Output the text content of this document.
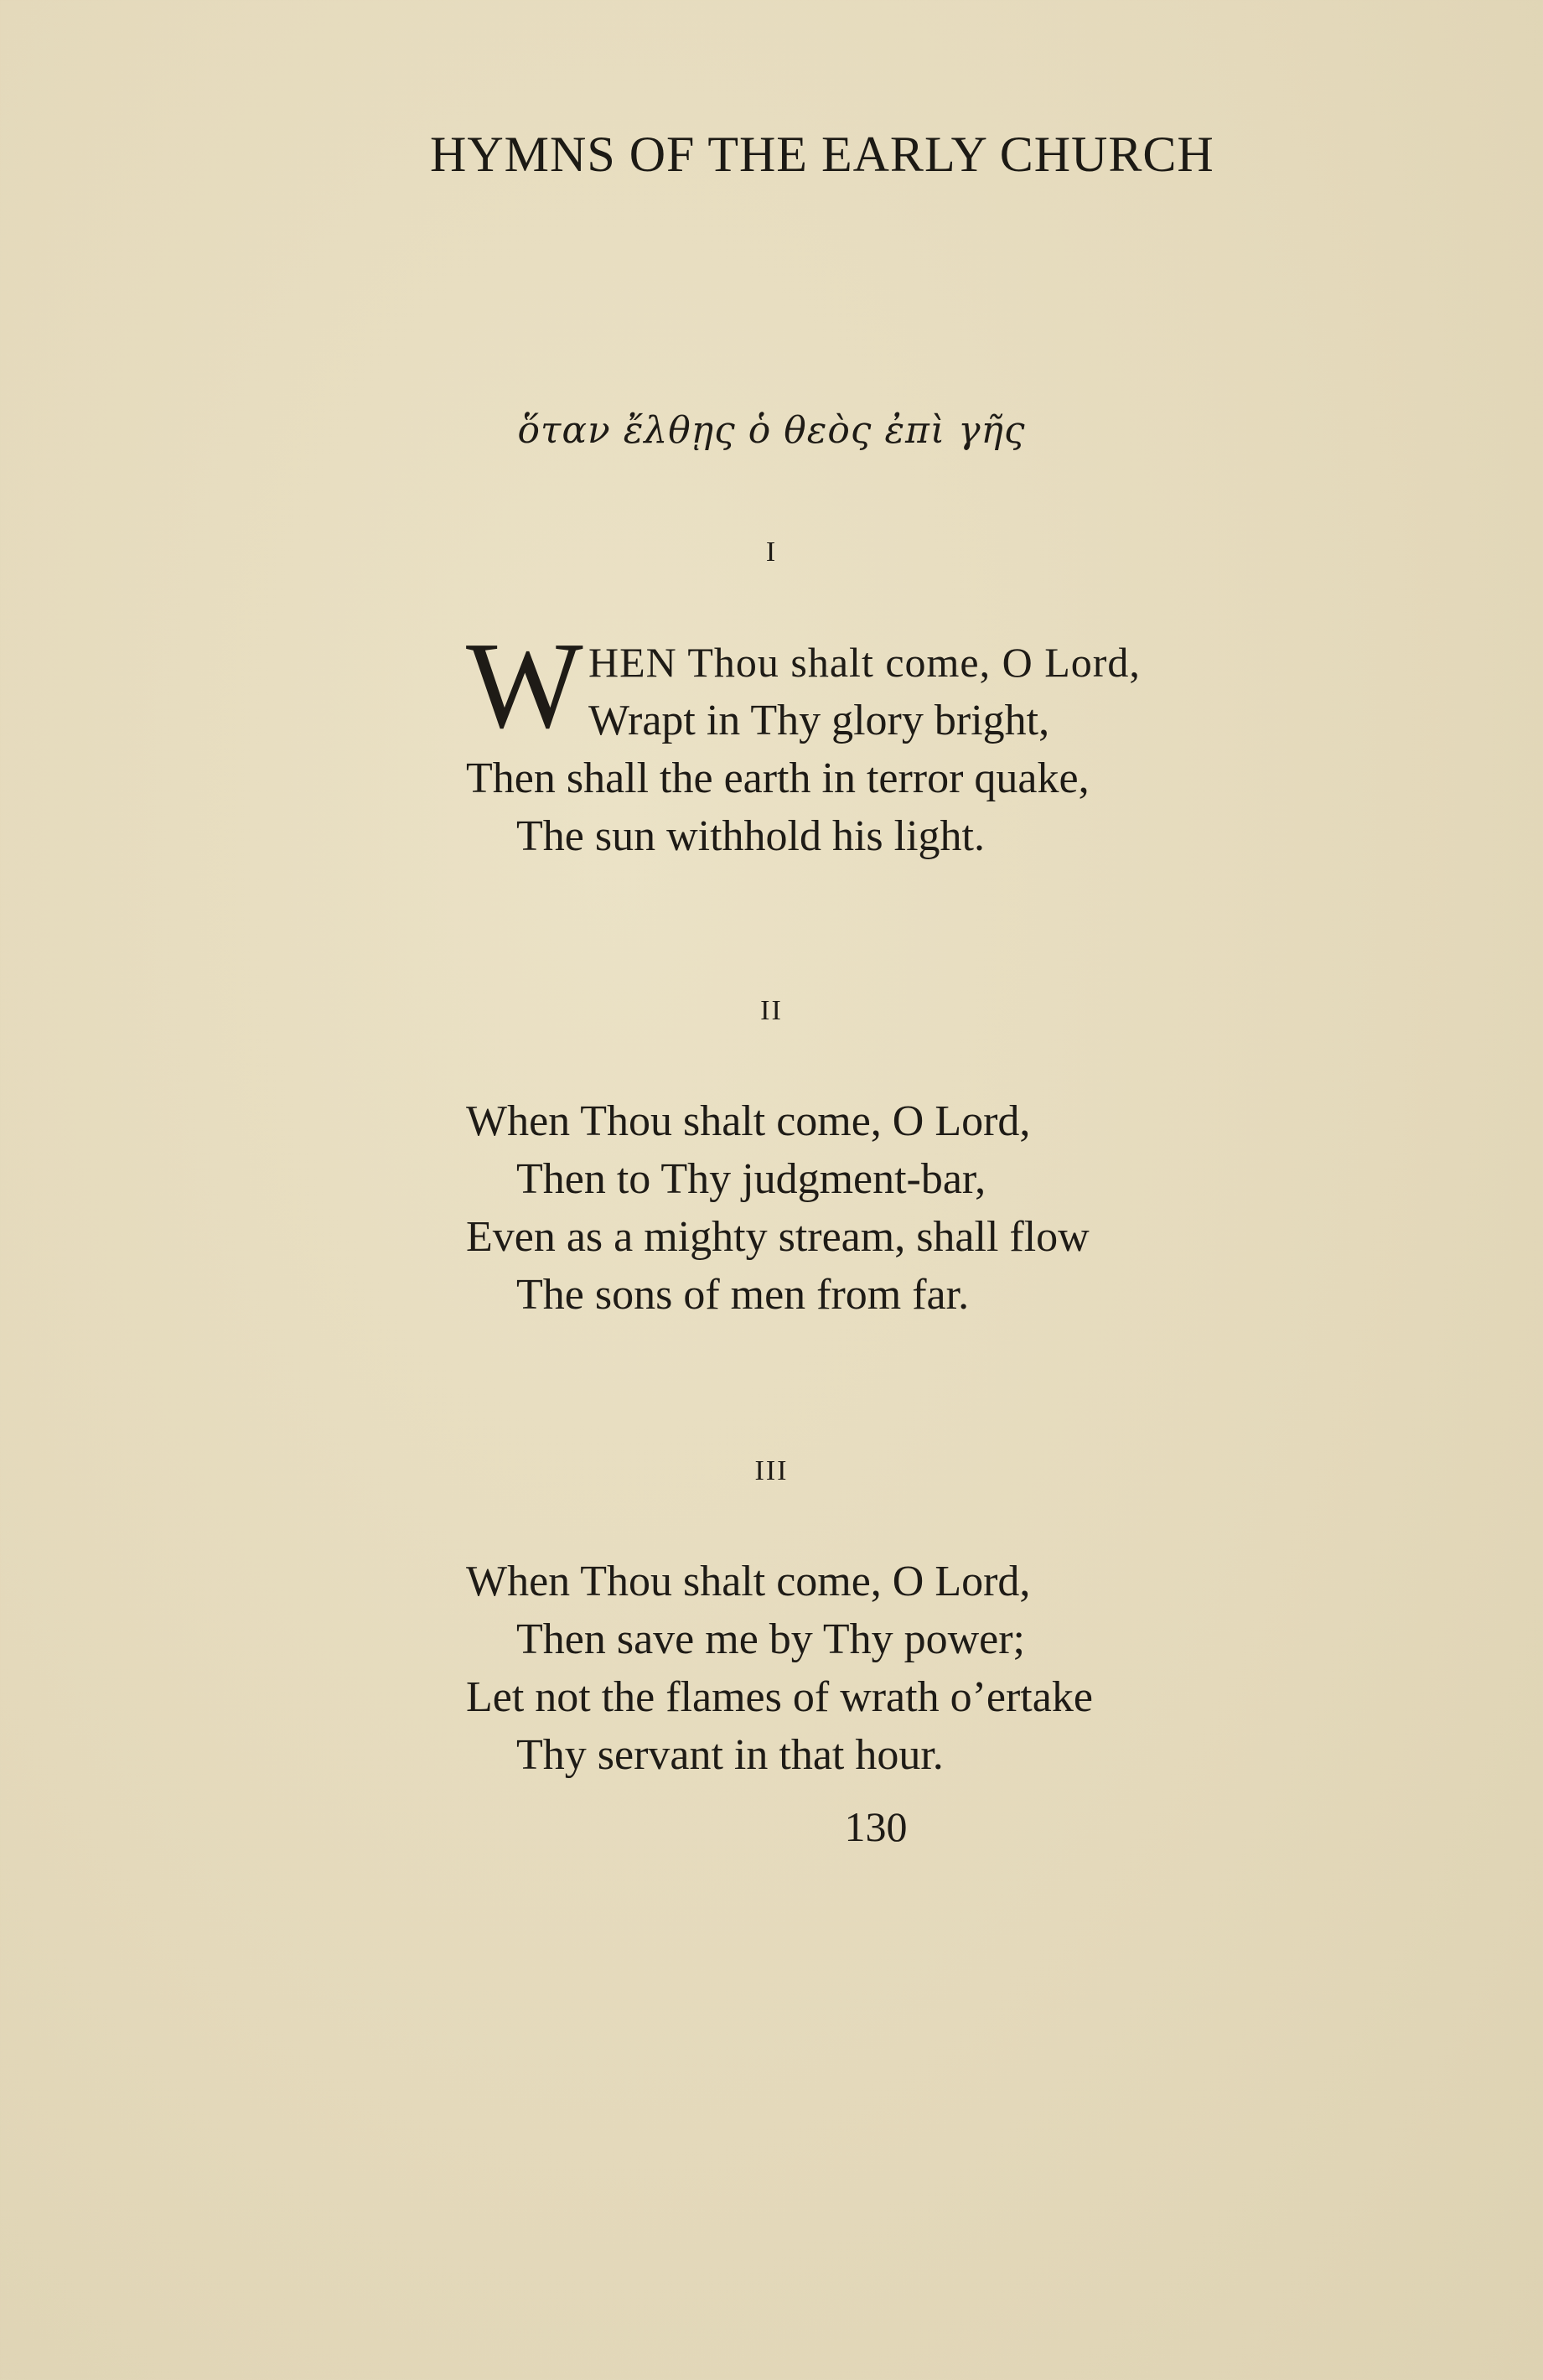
HYMNS OF THE EARLY CHURCH
ὅταν ἔλθῃς ὁ θεὸς ἐπὶ γῆς
I
W HEN Thou shalt come, O Lord,
Wrapt in Thy glory bright,
Then shall the earth in terror quake,
The sun withhold his light.
II
When Thou shalt come, O Lord,
Then to Thy judgment-bar,
Even as a mighty stream, shall flow
The sons of men from far.
III
When Thou shalt come, O Lord,
Then save me by Thy power;
Let not the flames of wrath o’ertake
Thy servant in that hour.
130
